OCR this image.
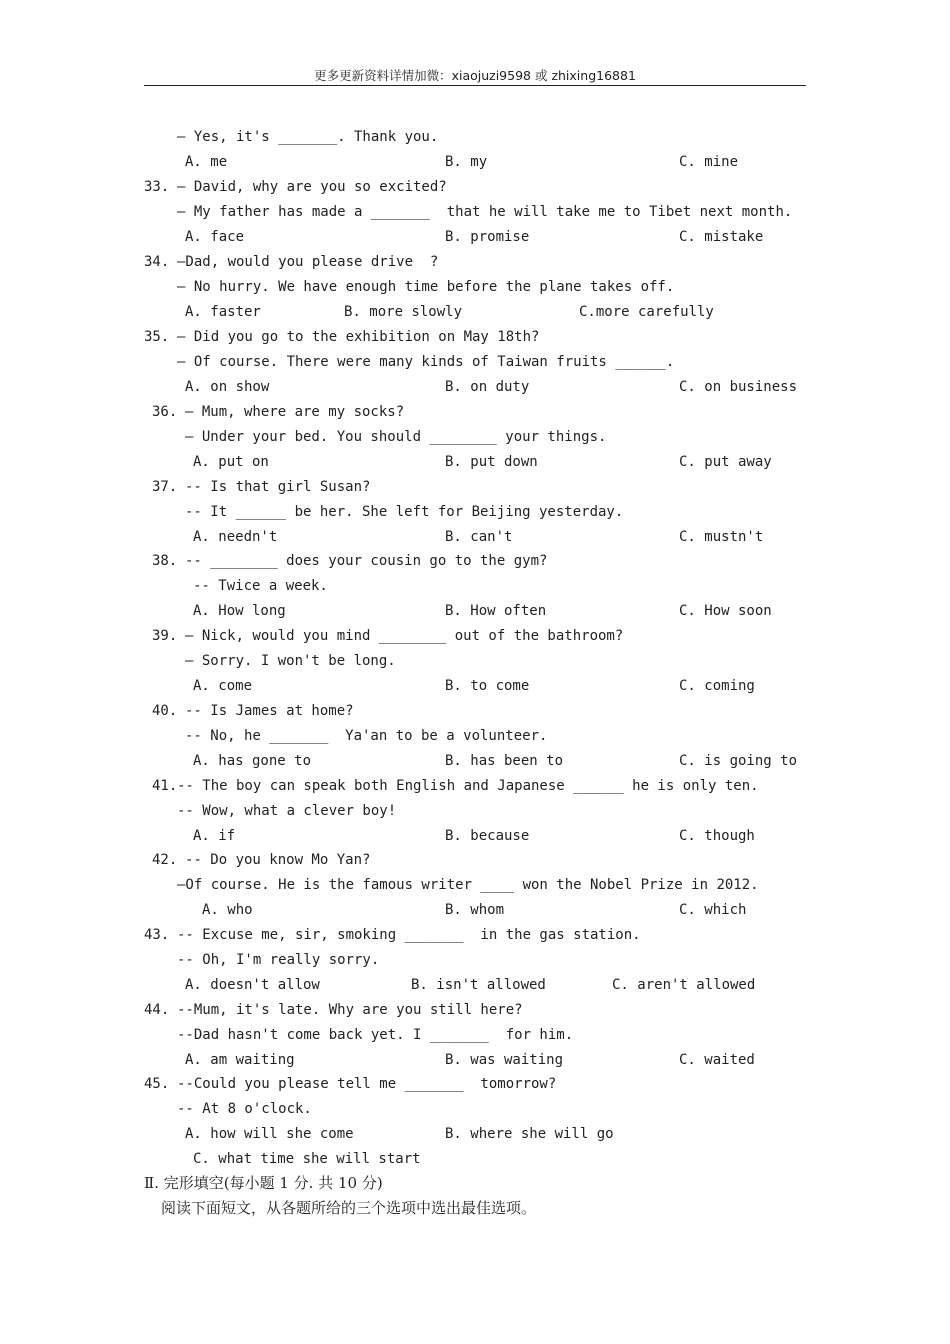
更多更新资料详情加微：xiaojuzi9598 或 zhixing16881
— Yes, it's _______. Thank you.
A. me	B. my	C. mine
33. — David, why are you so excited?
— My father has made a _______  that he will take me to Tibet next month.
A. face	B. promise	C. mistake
34. —Dad, would you please drive  ?
— No hurry. We have enough time before the plane takes off.
A. faster	B. more slowly	C.more carefully
35. — Did you go to the exhibition on May 18th?
— Of course. There were many kinds of Taiwan fruits ______.
A. on show	B. on duty	C. on business
36. — Mum, where are my socks?
— Under your bed. You should ________ your things.
A. put on	B. put down	C. put away
37. -- Is that girl Susan?
-- It ______ be her. She left for Beijing yesterday.
A. needn't	B. can't	C. mustn't
38. -- ________ does your cousin go to the gym?
-- Twice a week.
A. How long	B. How often	C. How soon
39. — Nick, would you mind ________ out of the bathroom?
— Sorry. I won't be long.
A. come	B. to come	C. coming
40. -- Is James at home?
-- No, he _______  Ya'an to be a volunteer.
A. has gone to	B. has been to	C. is going to
41. -- The boy can speak both English and Japanese ______ he is only ten.
-- Wow, what a clever boy!
A. if	B. because	C. though
42. -- Do you know Mo Yan?
—Of course. He is the famous writer ____ won the Nobel Prize in 2012.
A. who	B. whom	C. which
43. -- Excuse me, sir, smoking _______  in the gas station.
-- Oh, I'm really sorry.
A. doesn't allow	B. isn't allowed	C. aren't allowed
44. --Mum, it's late. Why are you still here?
--Dad hasn't come back yet. I _______  for him.
A. am waiting	B. was waiting	C. waited
45. --Could you please tell me _______  tomorrow?
-- At 8 o'clock.
A. how will she come	B. where she will go
C. what time she will start
Ⅱ. 完形填空(每小题 1 分. 共 10 分)
阅读下面短文，从各题所给的三个选项中选出最佳选项。
